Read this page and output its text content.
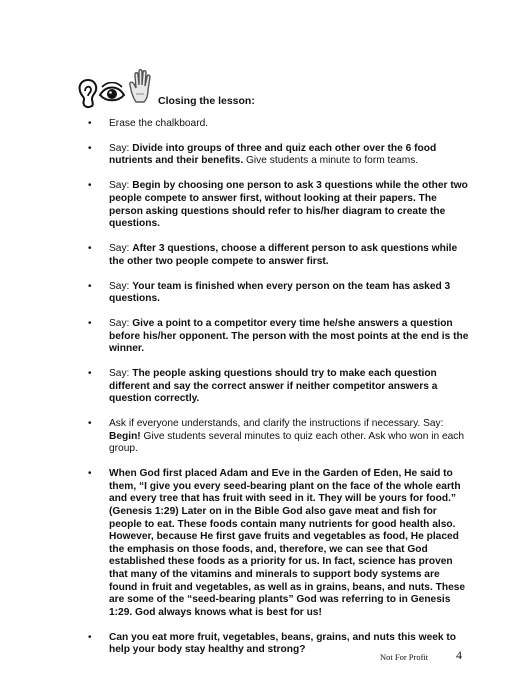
Closing the lesson:
• Erase the chalkboard.
• Say: Divide into groups of three and quiz each other over the 6 food nutrients and their benefits. Give students a minute to form teams.
• Say: Begin by choosing one person to ask 3 questions while the other two people compete to answer first, without looking at their papers. The person asking questions should refer to his/her diagram to create the questions.
• Say: After 3 questions, choose a different person to ask questions while the other two people compete to answer first.
• Say: Your team is finished when every person on the team has asked 3 questions.
• Say: Give a point to a competitor every time he/she answers a question before his/her opponent. The person with the most points at the end is the winner.
• Say: The people asking questions should try to make each question different and say the correct answer if neither competitor answers a question correctly.
• Ask if everyone understands, and clarify the instructions if necessary. Say: Begin! Give students several minutes to quiz each other. Ask who won in each group.
• When God first placed Adam and Eve in the Garden of Eden, He said to them, “I give you every seed-bearing plant on the face of the whole earth and every tree that has fruit with seed in it. They will be yours for food.” (Genesis 1:29) Later on in the Bible God also gave meat and fish for people to eat. These foods contain many nutrients for good health also. However, because He first gave fruits and vegetables as food, He placed the emphasis on those foods, and, therefore, we can see that God established these foods as a priority for us. In fact, science has proven that many of the vitamins and minerals to support body systems are found in fruit and vegetables, as well as in grains, beans, and nuts. These are some of the “seed-bearing plants” God was referring to in Genesis 1:29. God always knows what is best for us!
• Can you eat more fruit, vegetables, beans, grains, and nuts this week to help your body stay healthy and strong?
Not For Profit 4
